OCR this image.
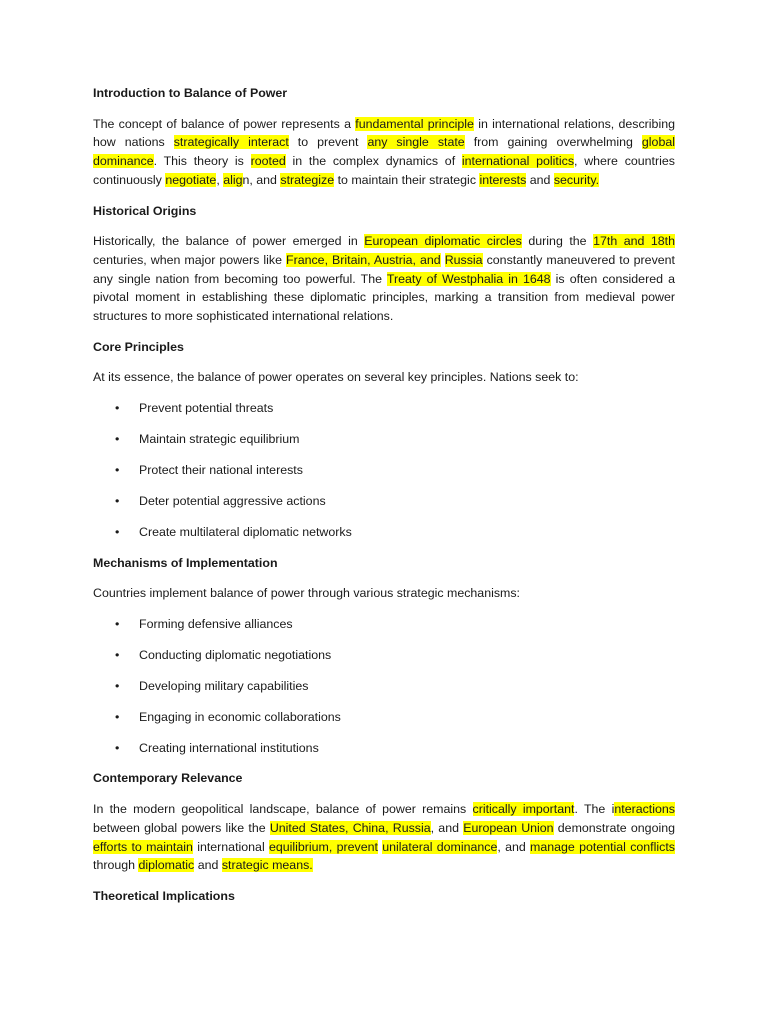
Introduction to Balance of Power
The concept of balance of power represents a fundamental principle in international relations, describing how nations strategically interact to prevent any single state from gaining overwhelming global dominance. This theory is rooted in the complex dynamics of international politics, where countries continuously negotiate, align, and strategize to maintain their strategic interests and security.
Historical Origins
Historically, the balance of power emerged in European diplomatic circles during the 17th and 18th centuries, when major powers like France, Britain, Austria, and Russia constantly maneuvered to prevent any single nation from becoming too powerful. The Treaty of Westphalia in 1648 is often considered a pivotal moment in establishing these diplomatic principles, marking a transition from medieval power structures to more sophisticated international relations.
Core Principles
At its essence, the balance of power operates on several key principles. Nations seek to:
• Prevent potential threats
• Maintain strategic equilibrium
• Protect their national interests
• Deter potential aggressive actions
• Create multilateral diplomatic networks
Mechanisms of Implementation
Countries implement balance of power through various strategic mechanisms:
• Forming defensive alliances
• Conducting diplomatic negotiations
• Developing military capabilities
• Engaging in economic collaborations
• Creating international institutions
Contemporary Relevance
In the modern geopolitical landscape, balance of power remains critically important. The interactions between global powers like the United States, China, Russia, and European Union demonstrate ongoing efforts to maintain international equilibrium, prevent unilateral dominance, and manage potential conflicts through diplomatic and strategic means.
Theoretical Implications
